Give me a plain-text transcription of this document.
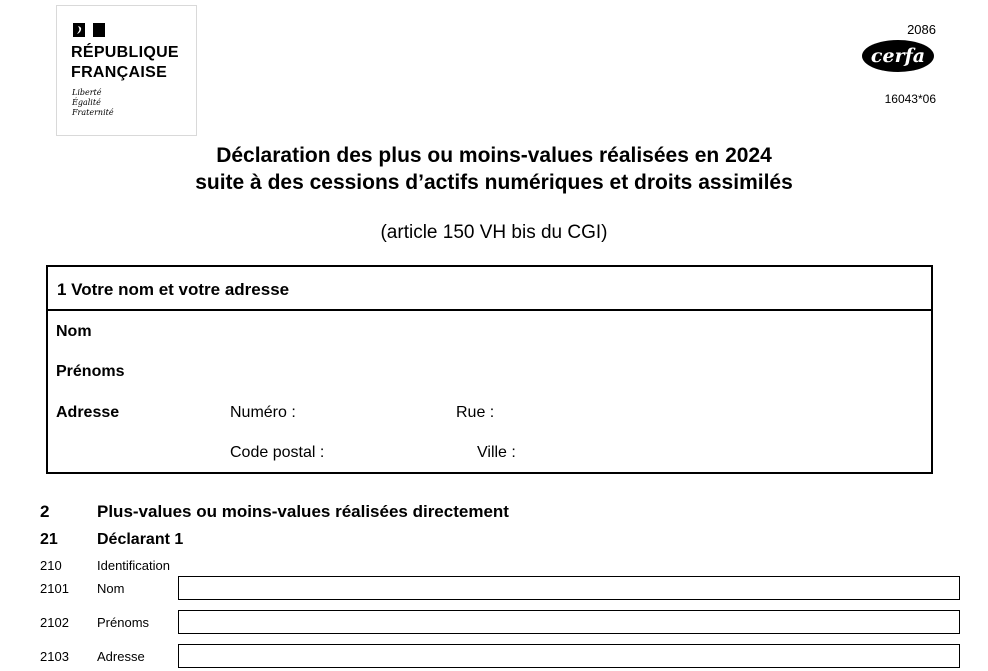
RÉPUBLIQUE
FRANÇAISE
Liberté
Égalité
Fraternité
2086
cerfa
16043*06
Déclaration des plus ou moins-values réalisées en 2024
suite à des cessions d’actifs numériques et droits assimilés
(article 150 VH bis du CGI)
1 Votre nom et votre adresse
Nom
Prénoms
Adresse	Numéro :	Rue :
Code postal :	Ville :
2	Plus-values ou moins-values réalisées directement
21 Déclarant 1
210	Identification
2101 Nom
2102 Prénoms
2103 Adresse
